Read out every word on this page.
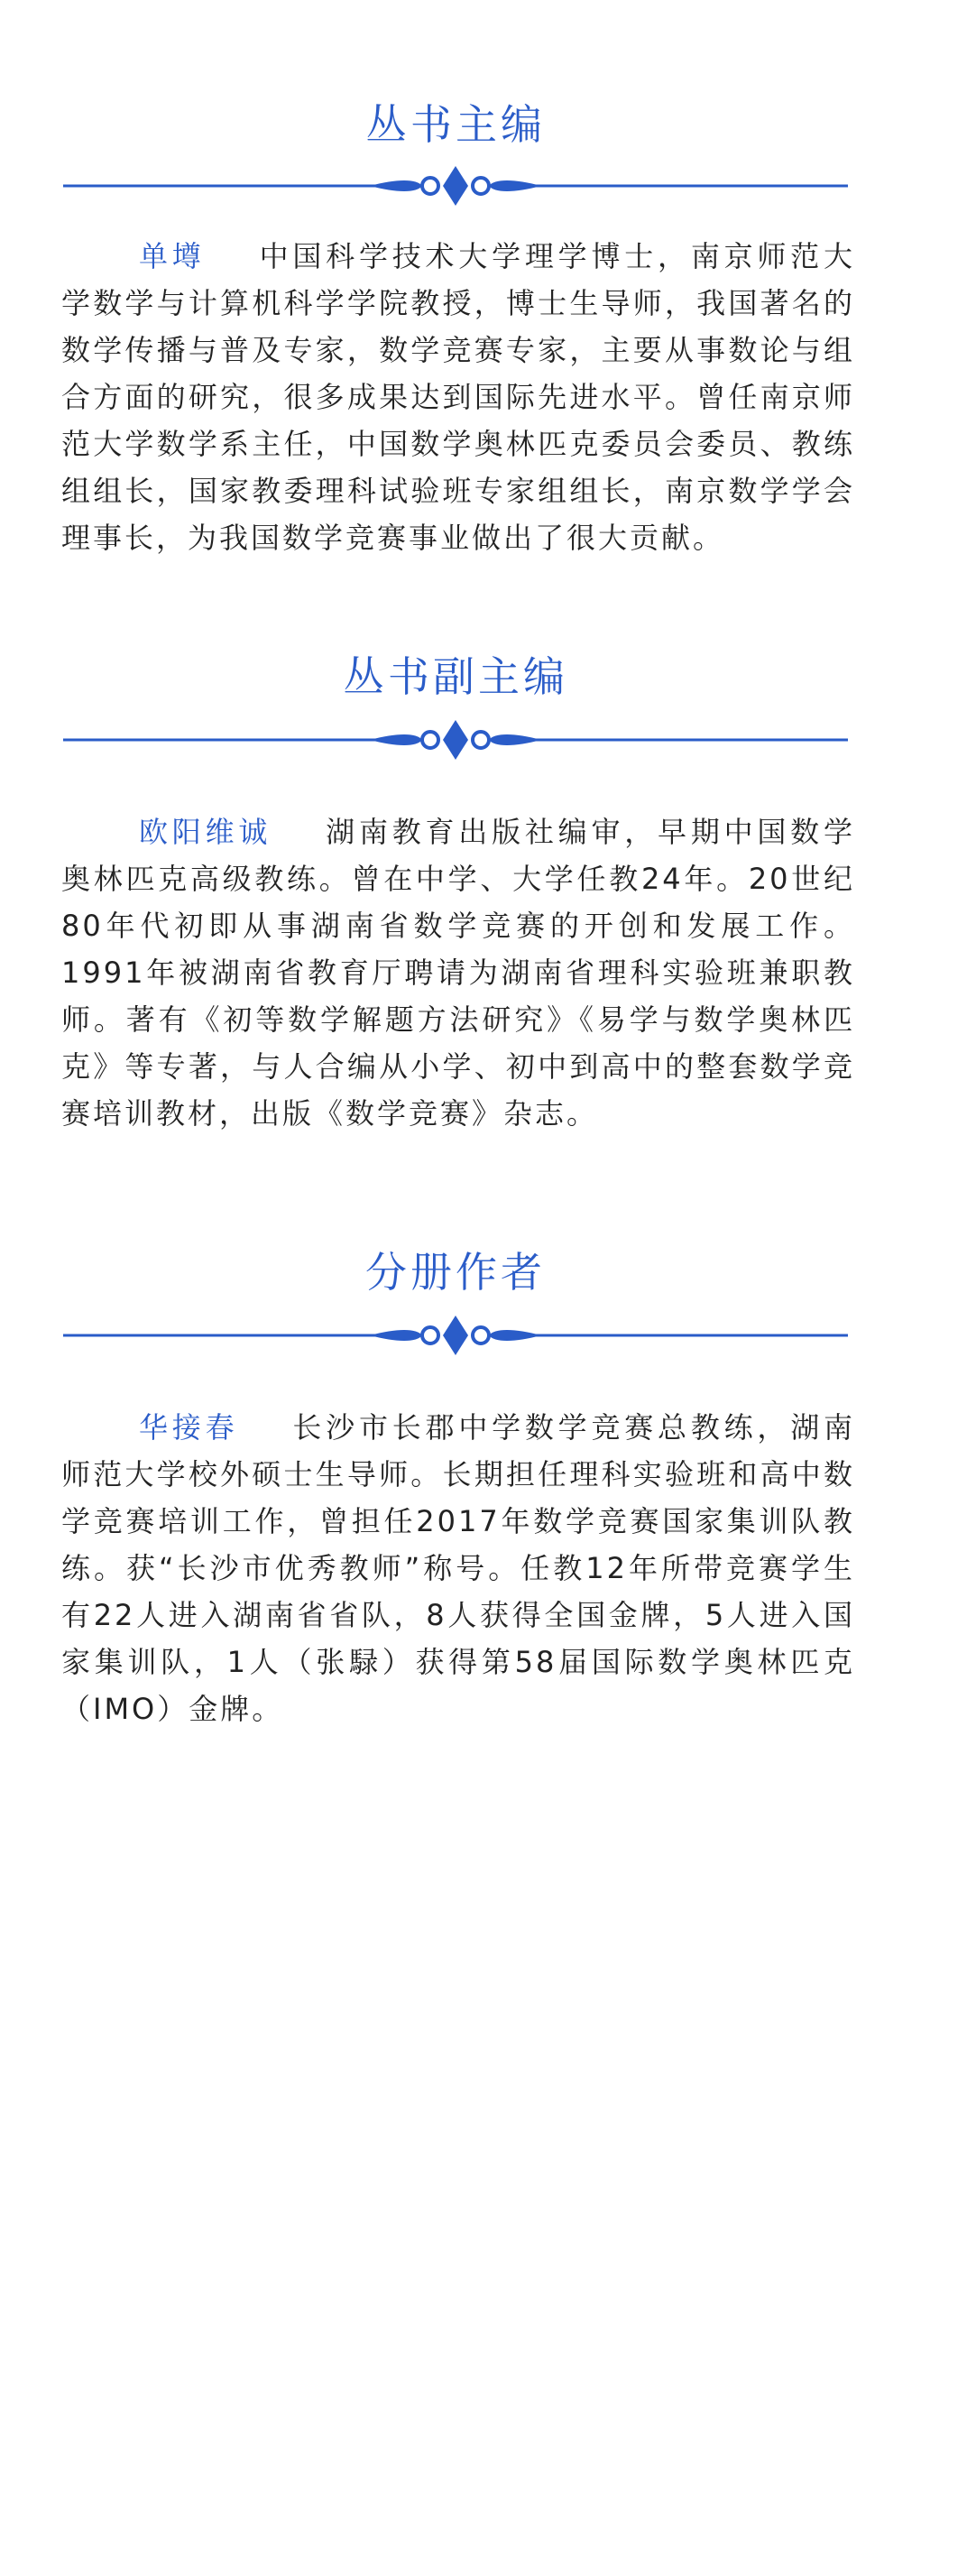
丛书主编

单墫 中国科学技术大学理学博士，南京师范大学数学与计算机科学学院教授，博士生导师，我国著名的数学传播与普及专家，数学竞赛专家，主要从事数论与组合方面的研究，很多成果达到国际先进水平。曾任南京师范大学数学系主任，中国数学奥林匹克委员会委员、教练组组长，国家教委理科试验班专家组组长，南京数学学会理事长，为我国数学竞赛事业做出了很大贡献。

丛书副主编

欧阳维诚 湖南教育出版社编审，早期中国数学奥林匹克高级教练。曾在中学、大学任教24年。20世纪80年代初即从事湖南省数学竞赛的开创和发展工作。1991年被湖南省教育厅聘请为湖南省理科实验班兼职教师。著有《初等数学解题方法研究》《易学与数学奥林匹克》等专著，与人合编从小学、初中到高中的整套数学竞赛培训教材，出版《数学竞赛》杂志。

分册作者

华接春 长沙市长郡中学数学竞赛总教练，湖南师范大学校外硕士生导师。长期担任理科实验班和高中数学竞赛培训工作，曾担任2017年数学竞赛国家集训队教练。获“长沙市优秀教师”称号。任教12年所带竞赛学生有22人进入湖南省省队，8人获得全国金牌，5人进入国家集训队，1人（张騄）获得第58届国际数学奥林匹克（IMO）金牌。
